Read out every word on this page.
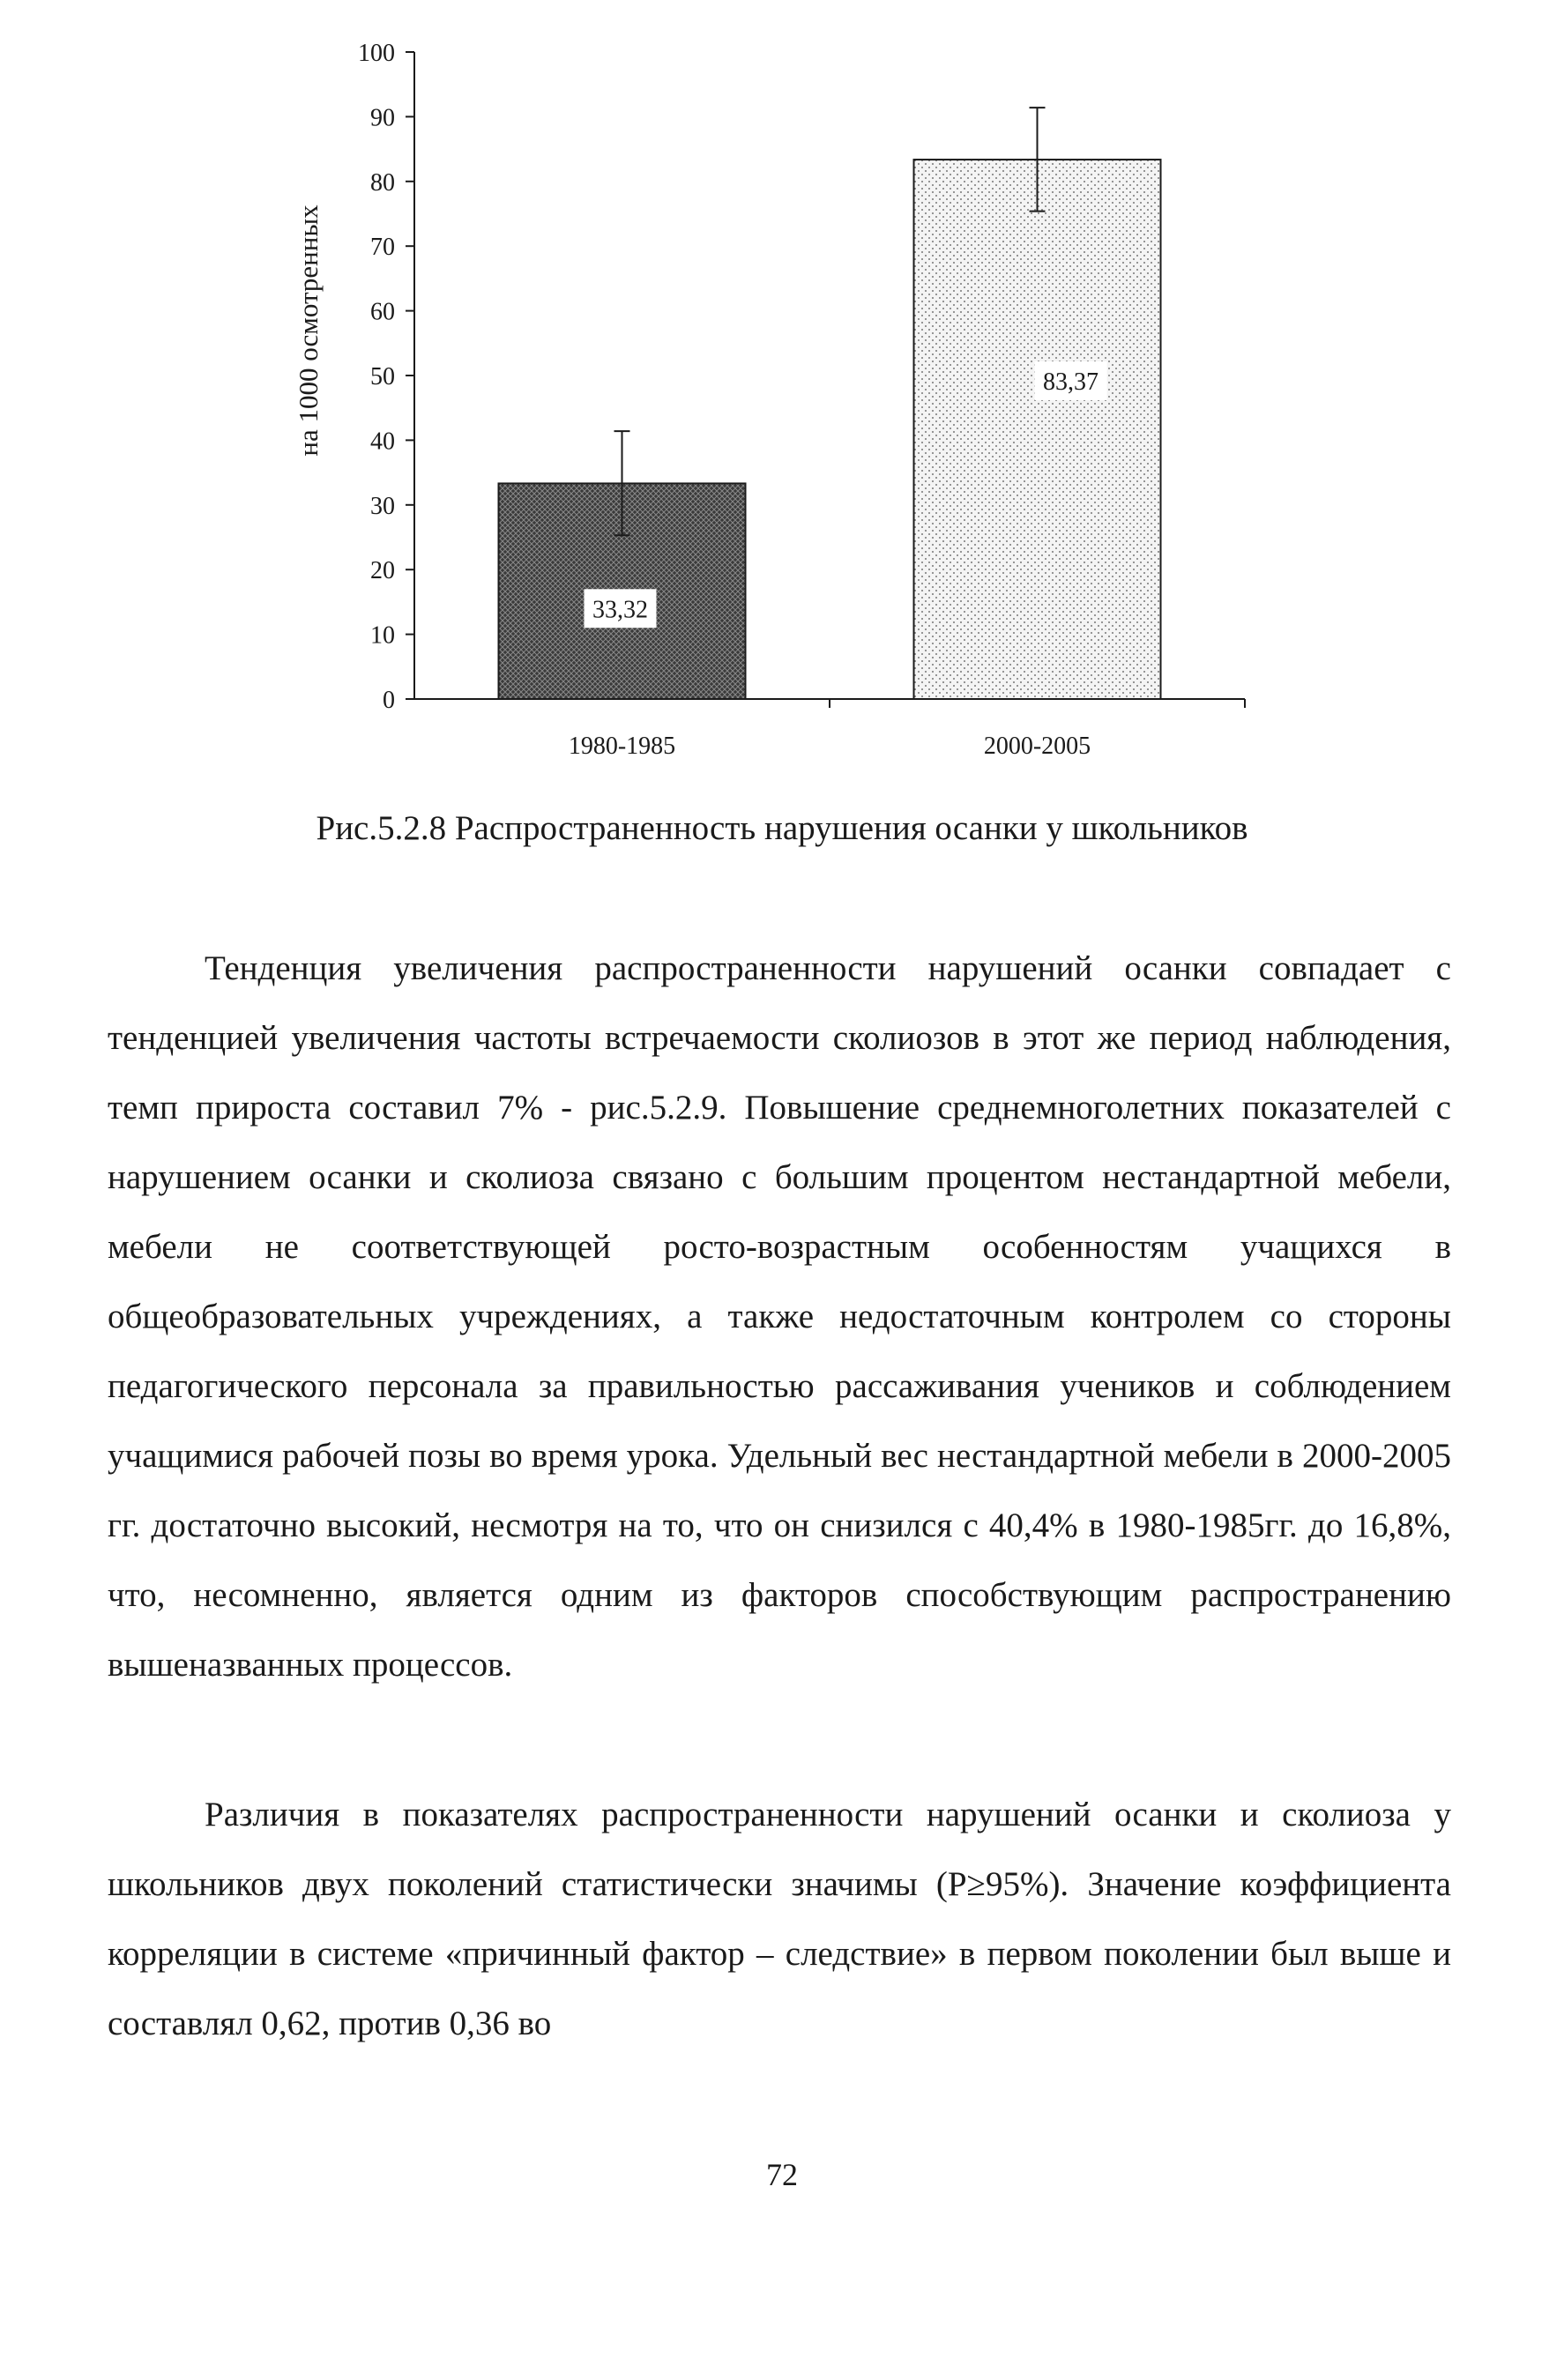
0
10
20
30
40
50
60
70
80
90
100
1980-1985	2000-2005
33,32
83,37
на 1000 осмотренных

Рис.5.2.8 Распространенность нарушения осанки у школьников

Тенденция увеличения распространенности нарушений осанки совпадает с тенденцией увеличения частоты встречаемости сколиозов в этот же период наблюдения, темп прироста составил 7% - рис.5.2.9. Повышение среднемноголетних показателей с нарушением осанки и сколиоза связано с большим процентом нестандартной мебели, мебели не соответствующей росто-возрастным особенностям учащихся в общеобразовательных учреждениях, а также недостаточным контролем со стороны педагогического персонала за правильностью рассаживания учеников и соблюдением учащимися рабочей позы во время урока. Удельный вес нестандартной мебели в 2000-2005 гг. достаточно высокий, несмотря на то, что он снизился с 40,4% в 1980-1985гг. до 16,8%, что, несомненно, является одним из факторов способствующим распространению вышеназванных процессов.

Различия в показателях распространенности нарушений осанки и сколиоза у школьников двух поколений статистически значимы (Р≥95%). Значение коэффициента корреляции в системе «причинный фактор – следствие» в первом поколении был выше и составлял 0,62, против 0,36 во

72
